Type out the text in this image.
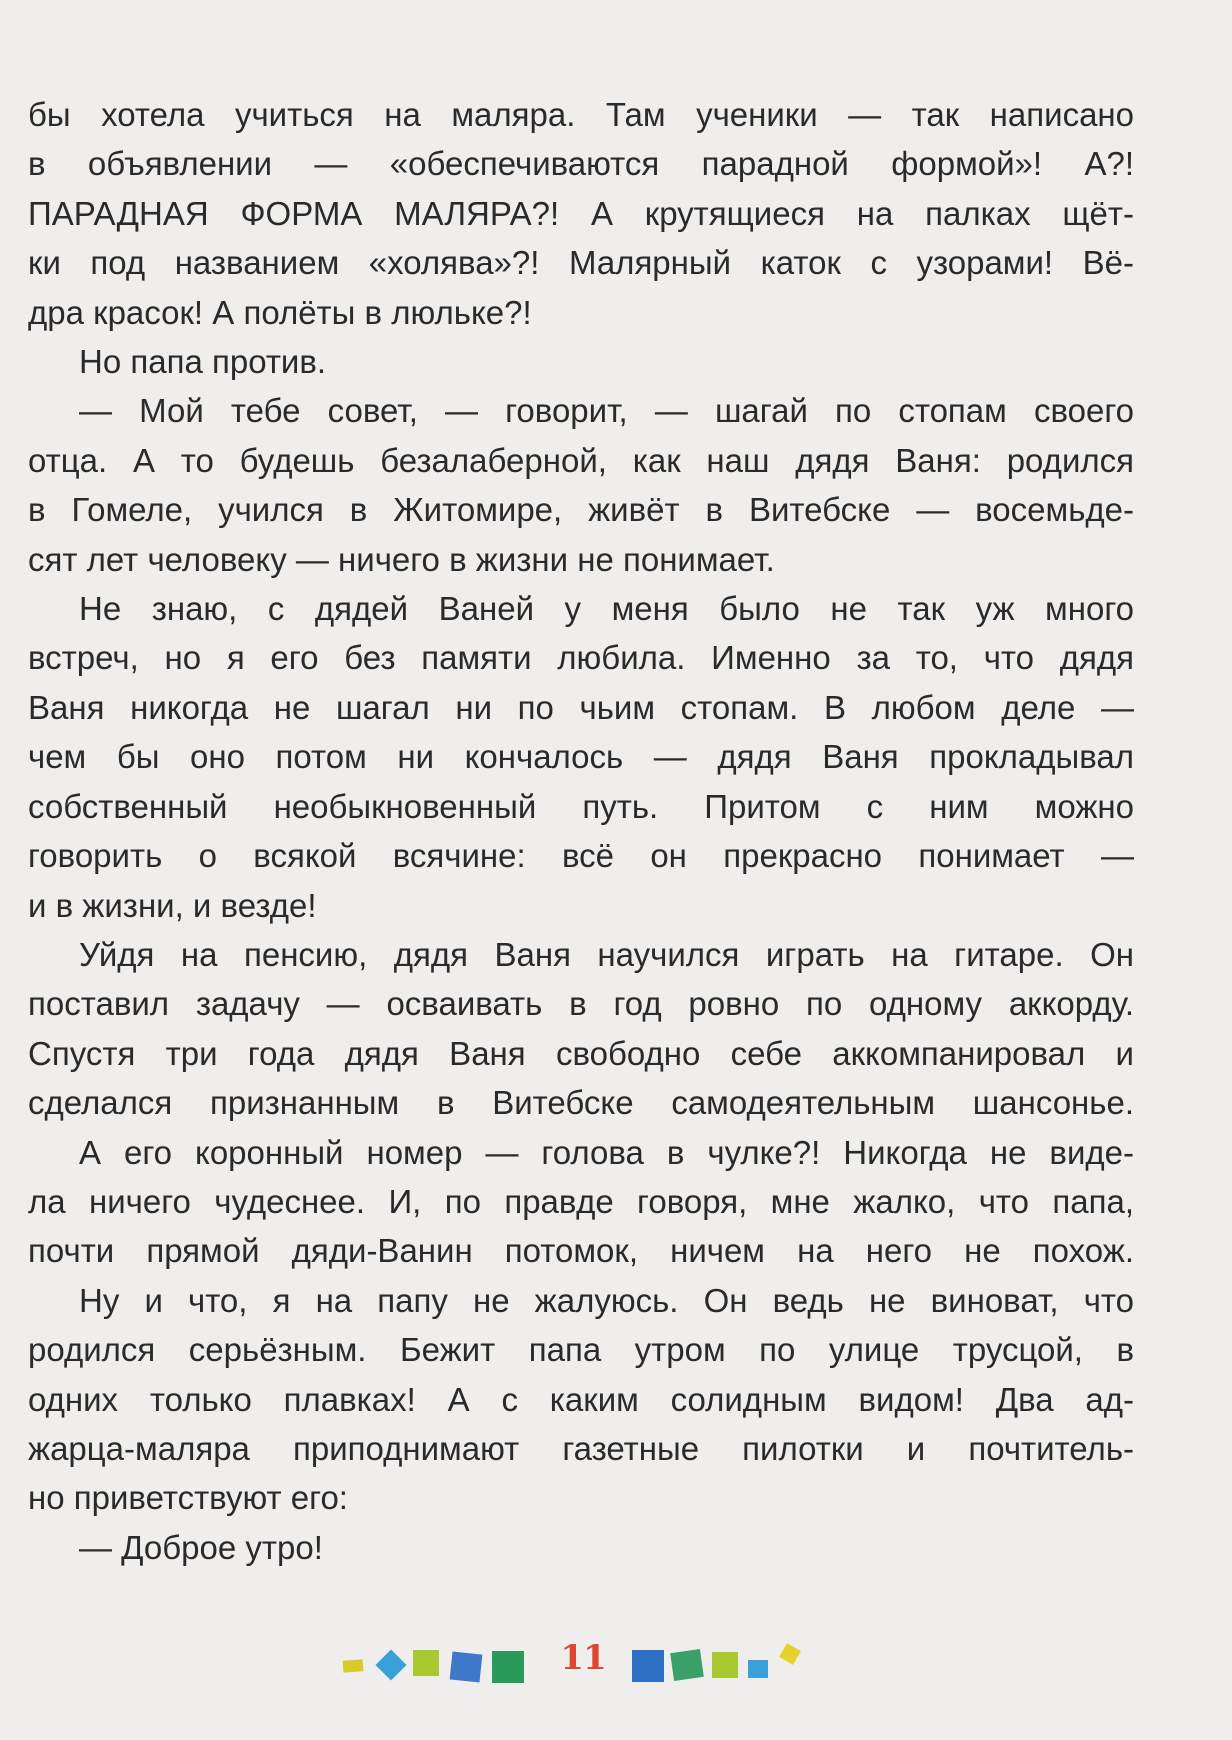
бы хотела учиться на маляра. Там ученики — так написано
в объявлении — «обеспечиваются парадной формой»! А?!
ПАРАДНАЯ ФОРМА МАЛЯРА?! А крутящиеся на палках щёт-
ки под названием «холява»?! Малярный каток с узорами! Вё-

дра красок! А полёты в люльке?!

Но папа против.

— Мой тебе совет, — говорит, — шагай по стопам своего

отца. А то будешь безалаберной, как наш дядя Ваня: родился
в Гомеле, учился в Житомире, живёт в Витебске — восемьде-

сят лет человеку — ничего в жизни не понимает.

Не знаю, с дядей Ваней у меня было не так уж много

встреч, но я его без памяти любила. Именно за то, что дядя
Ваня никогда не шагал ни по чьим стопам. В любом деле —
чем бы оно потом ни кончалось — дядя Ваня прокладывал
собственный необыкновенный путь. Притом с ним можно
говорить о всякой всячине: всё он прекрасно понимает —

и в жизни, и везде!

Уйдя на пенсию, дядя Ваня научился играть на гитаре. Он

поставил задачу — осваивать в год ровно по одному аккорду.
Спустя три года дядя Ваня свободно себе аккомпанировал и
сделался признанным в Витебске самодеятельным шансонье.

А его коронный номер — голова в чулке?! Никогда не виде-

ла ничего чудеснее. И, по правде говоря, мне жалко, что папа,
почти прямой дяди-Ванин потомок, ничем на него не похож.

Ну и что, я на папу не жалуюсь. Он ведь не виноват, что

родился серьёзным. Бежит папа утром по улице трусцой, в
одних только плавках! А с каким солидным видом! Два ад-
жарца-маляра приподнимают газетные пилотки и почтитель-

но приветствуют его:

— Доброе утро!

11
